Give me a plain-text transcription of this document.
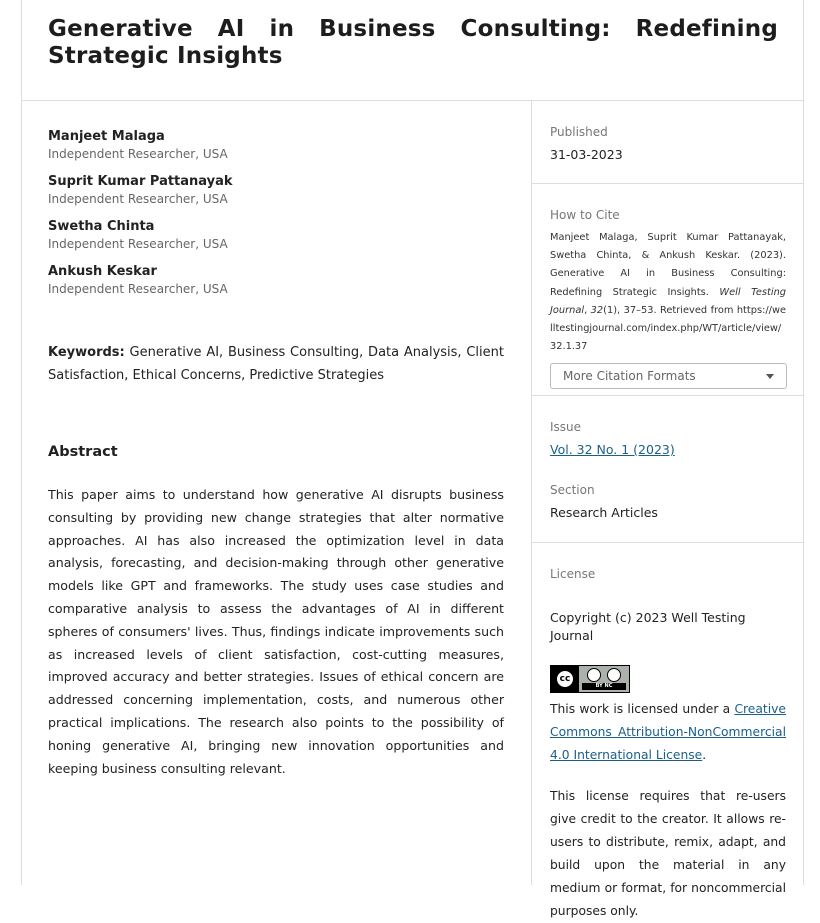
Generative AI in Business Consulting: Redefining Strategic Insights
Manjeet Malaga
Independent Researcher, USA
Suprit Kumar Pattanayak
Independent Researcher, USA
Swetha Chinta
Independent Researcher, USA
Ankush Keskar
Independent Researcher, USA
Keywords: Generative AI, Business Consulting, Data Analysis, Client Satisfaction, Ethical Concerns, Predictive Strategies
Abstract

This paper aims to understand how generative AI disrupts business consulting by providing new change strategies that alter normative approaches. AI has also increased the optimization level in data analysis, forecasting, and decision-making through other generative models like GPT and frameworks. The study uses case studies and comparative analysis to assess the advantages of AI in different spheres of consumers' lives. Thus, findings indicate improvements such as increased levels of client satisfaction, cost-cutting measures, improved accuracy and better strategies. Issues of ethical concern are addressed concerning implementation, costs, and numerous other practical implications. The research also points to the possibility of honing generative AI, bringing new innovation opportunities and keeping business consulting relevant.

Published
31-03-2023
How to Cite
Manjeet Malaga, Suprit Kumar Pattanayak, Swetha Chinta, & Ankush Keskar. (2023). Generative AI in Business Consulting: Redefining Strategic Insights. Well Testing Journal, 32(1), 37–53. Retrieved from https://welltestingjournal.com/index.php/WT/article/view/32.1.37
More Citation Formats
Issue
Vol. 32 No. 1 (2023)
Section
Research Articles
License
Copyright (c) 2023 Well Testing Journal
cc
BY NC
This work is licensed under a Creative Commons Attribution-NonCommercial 4.0 International License.
This license requires that re-users give credit to the creator. It allows re-users to distribute, remix, adapt, and build upon the material in any medium or format, for noncommercial purposes only.
